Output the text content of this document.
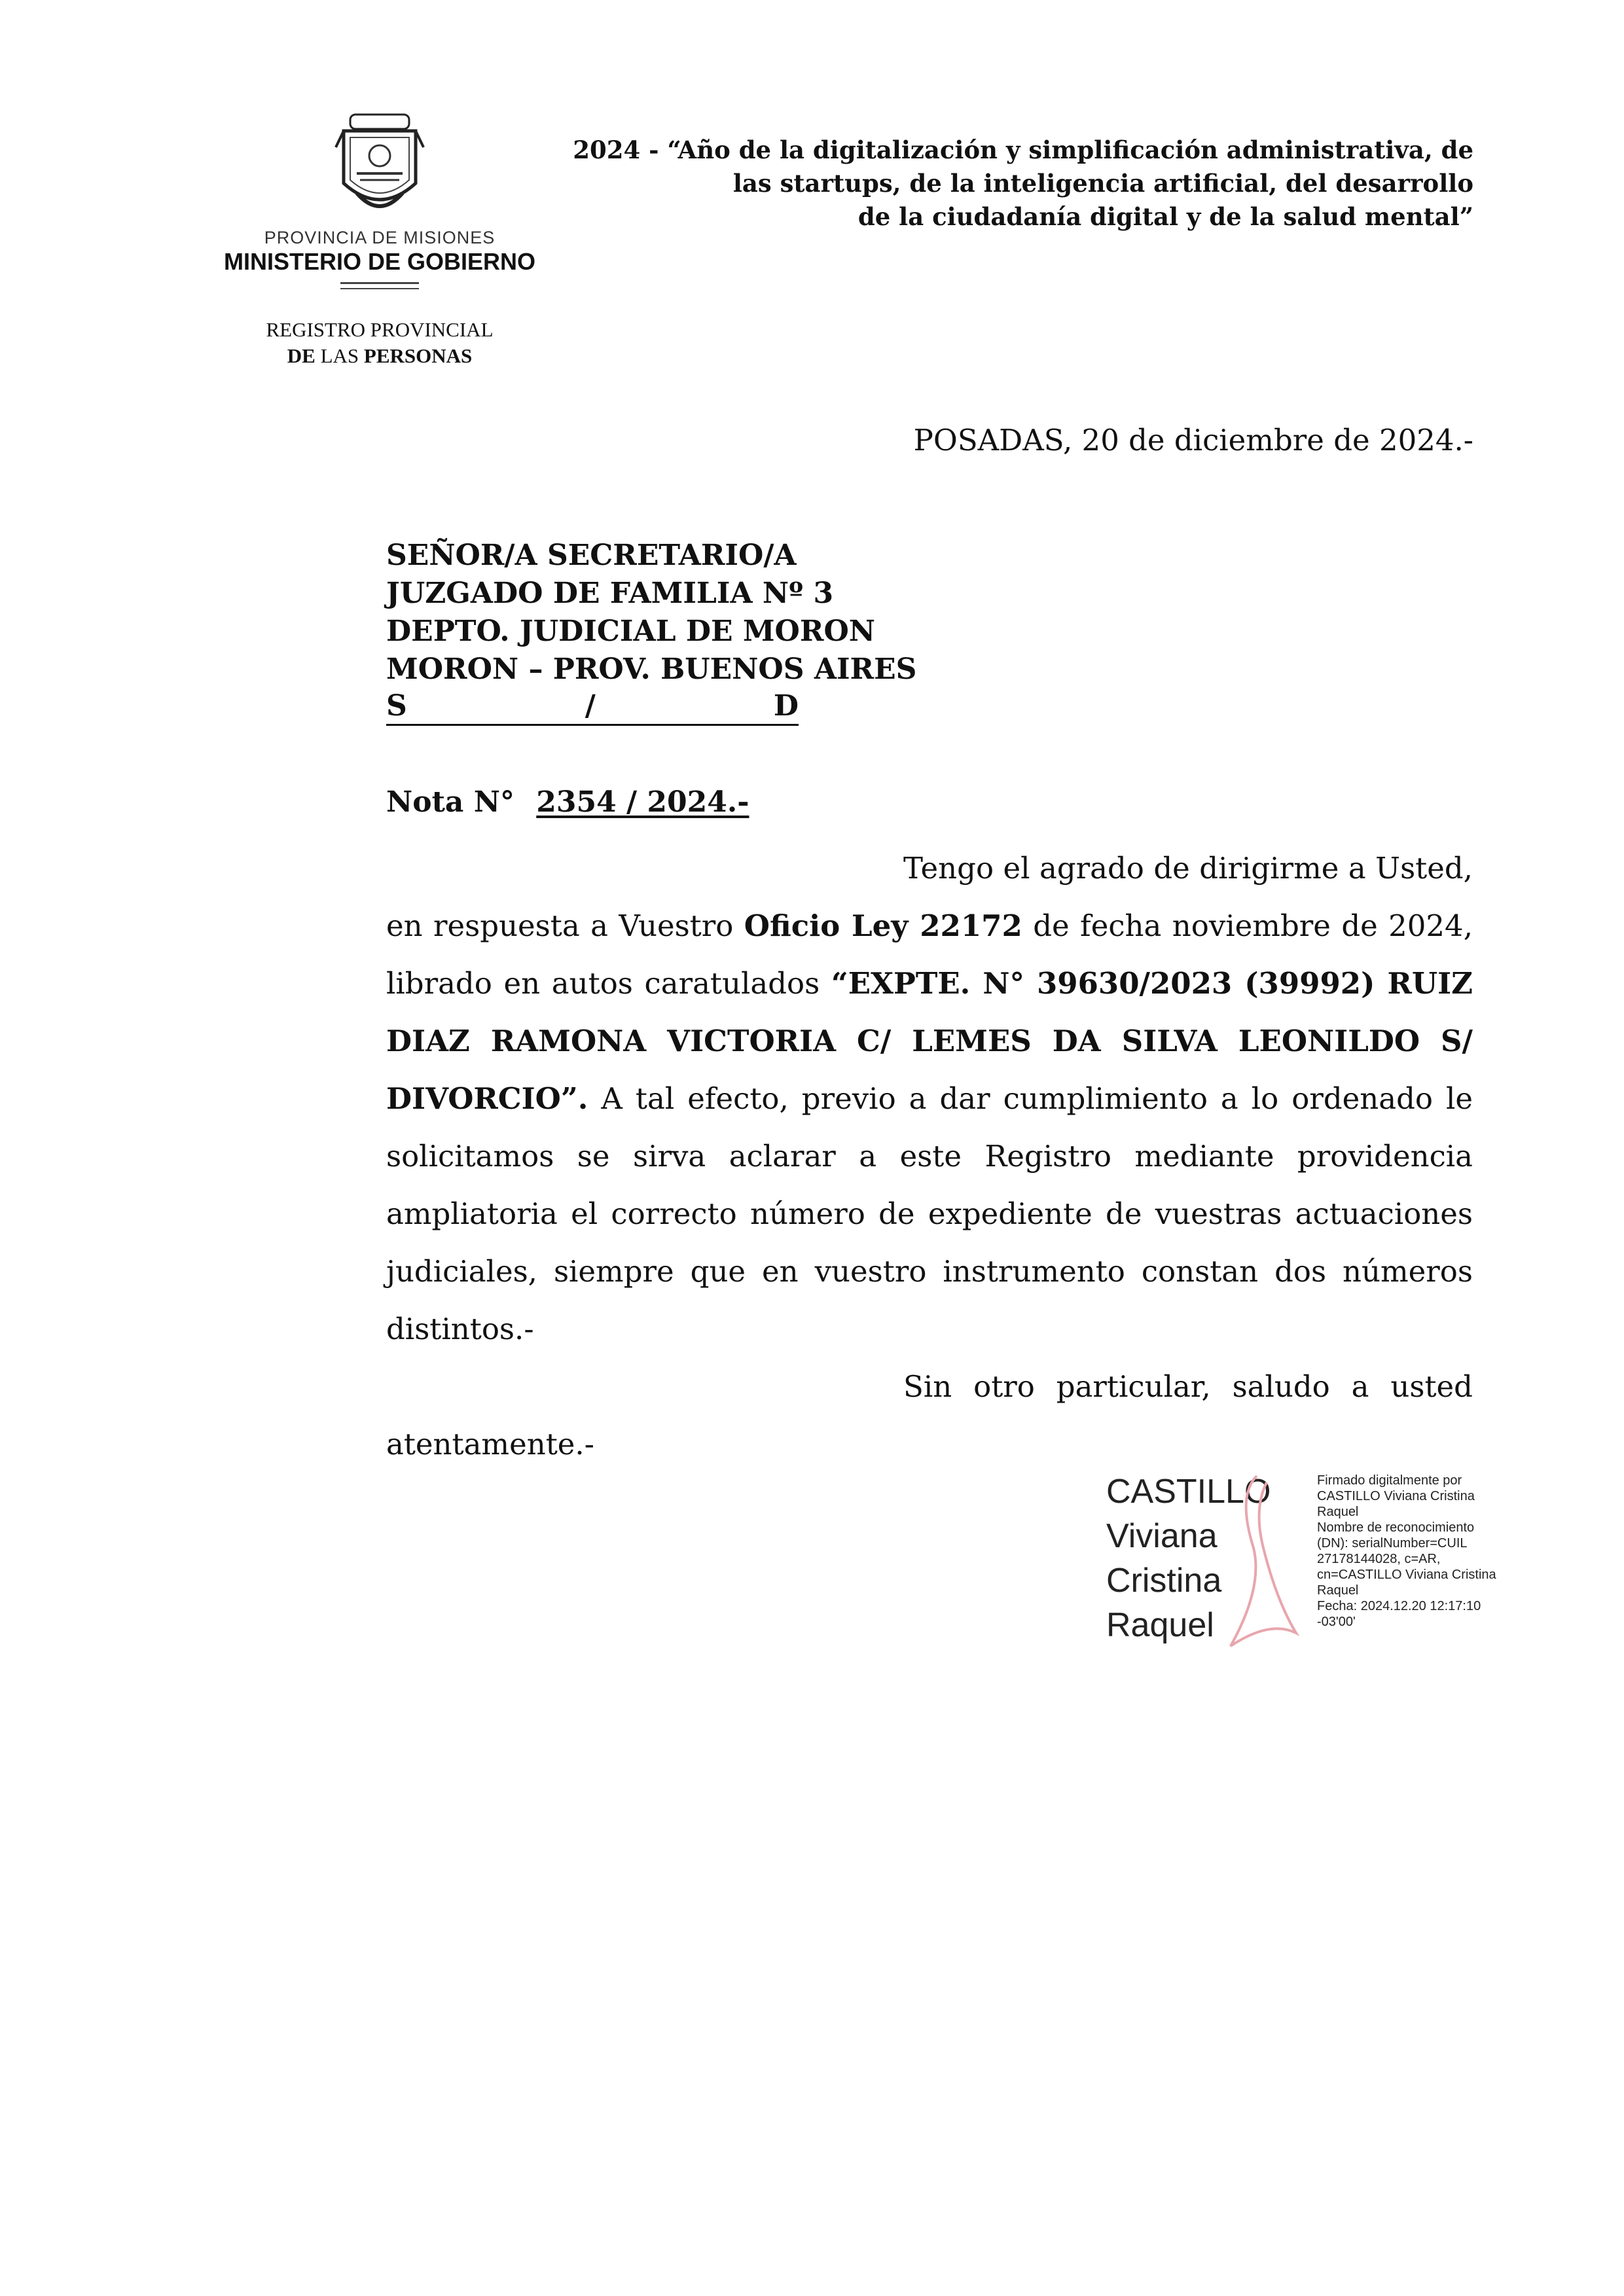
PROVINCIA DE MISIONES
MINISTERIO DE GOBIERNO
REGISTRO PROVINCIAL
DE LAS PERSONAS
2024 - “Año de la digitalización y simplificación administrativa, de
las startups, de la inteligencia artificial, del desarrollo
de la ciudadanía digital y de la salud mental”
POSADAS, 20 de diciembre de 2024.-
SEÑOR/A SECRETARIO/A
JUZGADO DE FAMILIA Nº 3
DEPTO. JUDICIAL DE MORON
MORON – PROV. BUENOS AIRES
S	/	D
Nota N° 2354 / 2024.-

Tengo el agrado de dirigirme a Usted, en respuesta a Vuestro Oficio Ley 22172 de fecha noviembre de 2024, librado en autos caratulados “EXPTE. N° 39630/2023 (39992) RUIZ DIAZ RAMONA VICTORIA C/ LEMES DA SILVA LEONILDO S/ DIVORCIO”. A tal efecto, previo a dar cumplimiento a lo ordenado le solicitamos se sirva aclarar a este Registro mediante providencia ampliatoria el correcto número de expediente de vuestras actuaciones judiciales, siempre que en vuestro instrumento constan dos números distintos.-

Sin otro particular, saludo a usted atentamente.-

CASTILLO
Viviana
Cristina
Raquel
Firmado digitalmente por
CASTILLO Viviana Cristina
Raquel
Nombre de reconocimiento
(DN): serialNumber=CUIL
27178144028, c=AR,
cn=CASTILLO Viviana Cristina
Raquel
Fecha: 2024.12.20 12:17:10
-03'00'
